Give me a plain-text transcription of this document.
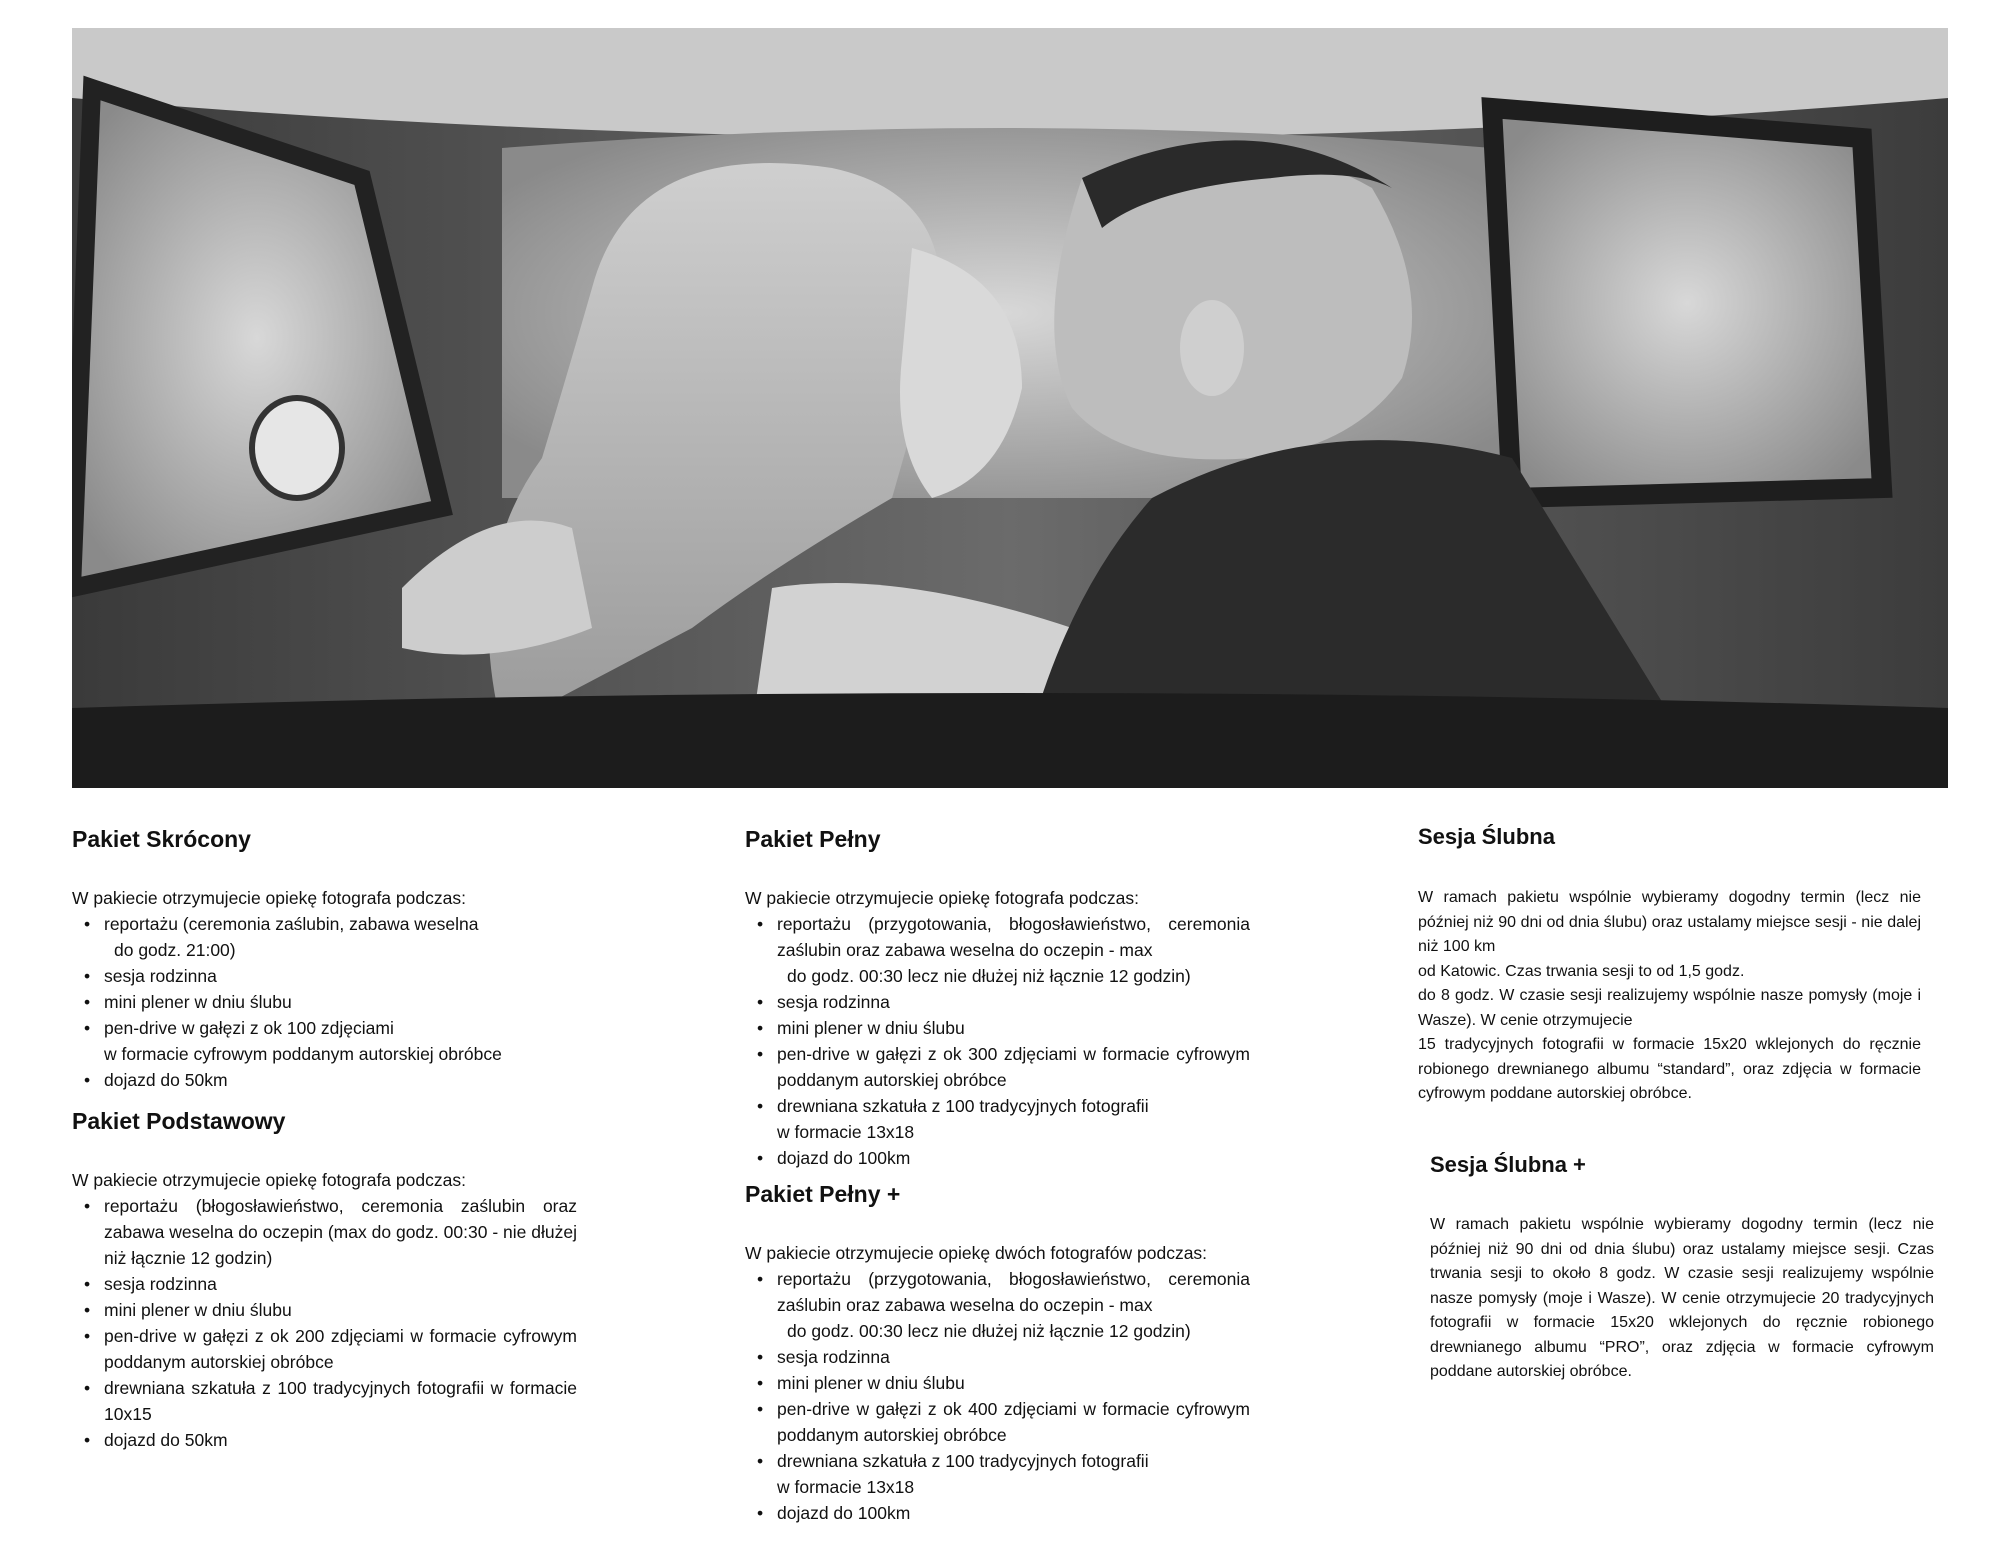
Pakiet Skrócony

W pakiecie otrzymujecie opiekę fotografa podczas:

• reportażu (ceremonia zaślubin, zabawa weselna
do godz. 21:00)
• sesja rodzinna
• mini plener w dniu ślubu
• pen-drive w gałęzi z ok 100 zdjęciami
w formacie cyfrowym poddanym autorskiej obróbce
• dojazd do 50km
Pakiet Podstawowy

W pakiecie otrzymujecie opiekę fotografa podczas:

• reportażu (błogosławieństwo, ceremonia zaślubin oraz zabawa weselna do oczepin (max do godz. 00:30 - nie dłużej niż łącznie 12 godzin)
• sesja rodzinna
• mini plener w dniu ślubu
• pen-drive w gałęzi z ok 200 zdjęciami w formacie cyfrowym poddanym autorskiej obróbce
• drewniana szkatuła z 100 tradycyjnych fotografii w formacie 10x15
• dojazd do 50km
Pakiet Pełny

W pakiecie otrzymujecie opiekę fotografa podczas:

• reportażu (przygotowania, błogosławieństwo, ceremonia zaślubin oraz zabawa weselna do oczepin - max
do godz. 00:30 lecz nie dłużej niż łącznie 12 godzin)
• sesja rodzinna
• mini plener w dniu ślubu
• pen-drive w gałęzi z ok 300 zdjęciami w formacie cyfrowym poddanym autorskiej obróbce
• drewniana szkatuła z 100 tradycyjnych fotografii
w formacie 13x18
• dojazd do 100km
Pakiet Pełny +

W pakiecie otrzymujecie opiekę dwóch fotografów podczas:

• reportażu (przygotowania, błogosławieństwo, ceremonia zaślubin oraz zabawa weselna do oczepin - max
do godz. 00:30 lecz nie dłużej niż łącznie 12 godzin)
• sesja rodzinna
• mini plener w dniu ślubu
• pen-drive w gałęzi z ok 400 zdjęciami w formacie cyfrowym poddanym autorskiej obróbce
• drewniana szkatuła z 100 tradycyjnych fotografii
w formacie 13x18
• dojazd do 100km
Sesja Ślubna
W ramach pakietu wspólnie wybieramy dogodny termin (lecz nie później niż 90 dni od dnia ślubu) oraz ustalamy miejsce sesji - nie dalej niż 100 km
od Katowic. Czas trwania sesji to od 1,5 godz.
do 8 godz. W czasie sesji realizujemy wspólnie nasze pomysły (moje i Wasze). W cenie otrzymujecie
15 tradycyjnych fotografii w formacie 15x20 wklejonych do ręcznie robionego drewnianego albumu “standard”, oraz zdjęcia w formacie cyfrowym poddane autorskiej obróbce.
Sesja Ślubna +

W ramach pakietu wspólnie wybieramy dogodny termin (lecz nie później niż 90 dni od dnia ślubu) oraz ustalamy miejsce sesji. Czas trwania sesji to około 8 godz. W czasie sesji realizujemy wspólnie nasze pomysły (moje i Wasze). W cenie otrzymujecie 20 tradycyjnych fotografii w formacie 15x20 wklejonych do ręcznie robionego drewnianego albumu “PRO”, oraz zdjęcia w formacie cyfrowym poddane autorskiej obróbce.
